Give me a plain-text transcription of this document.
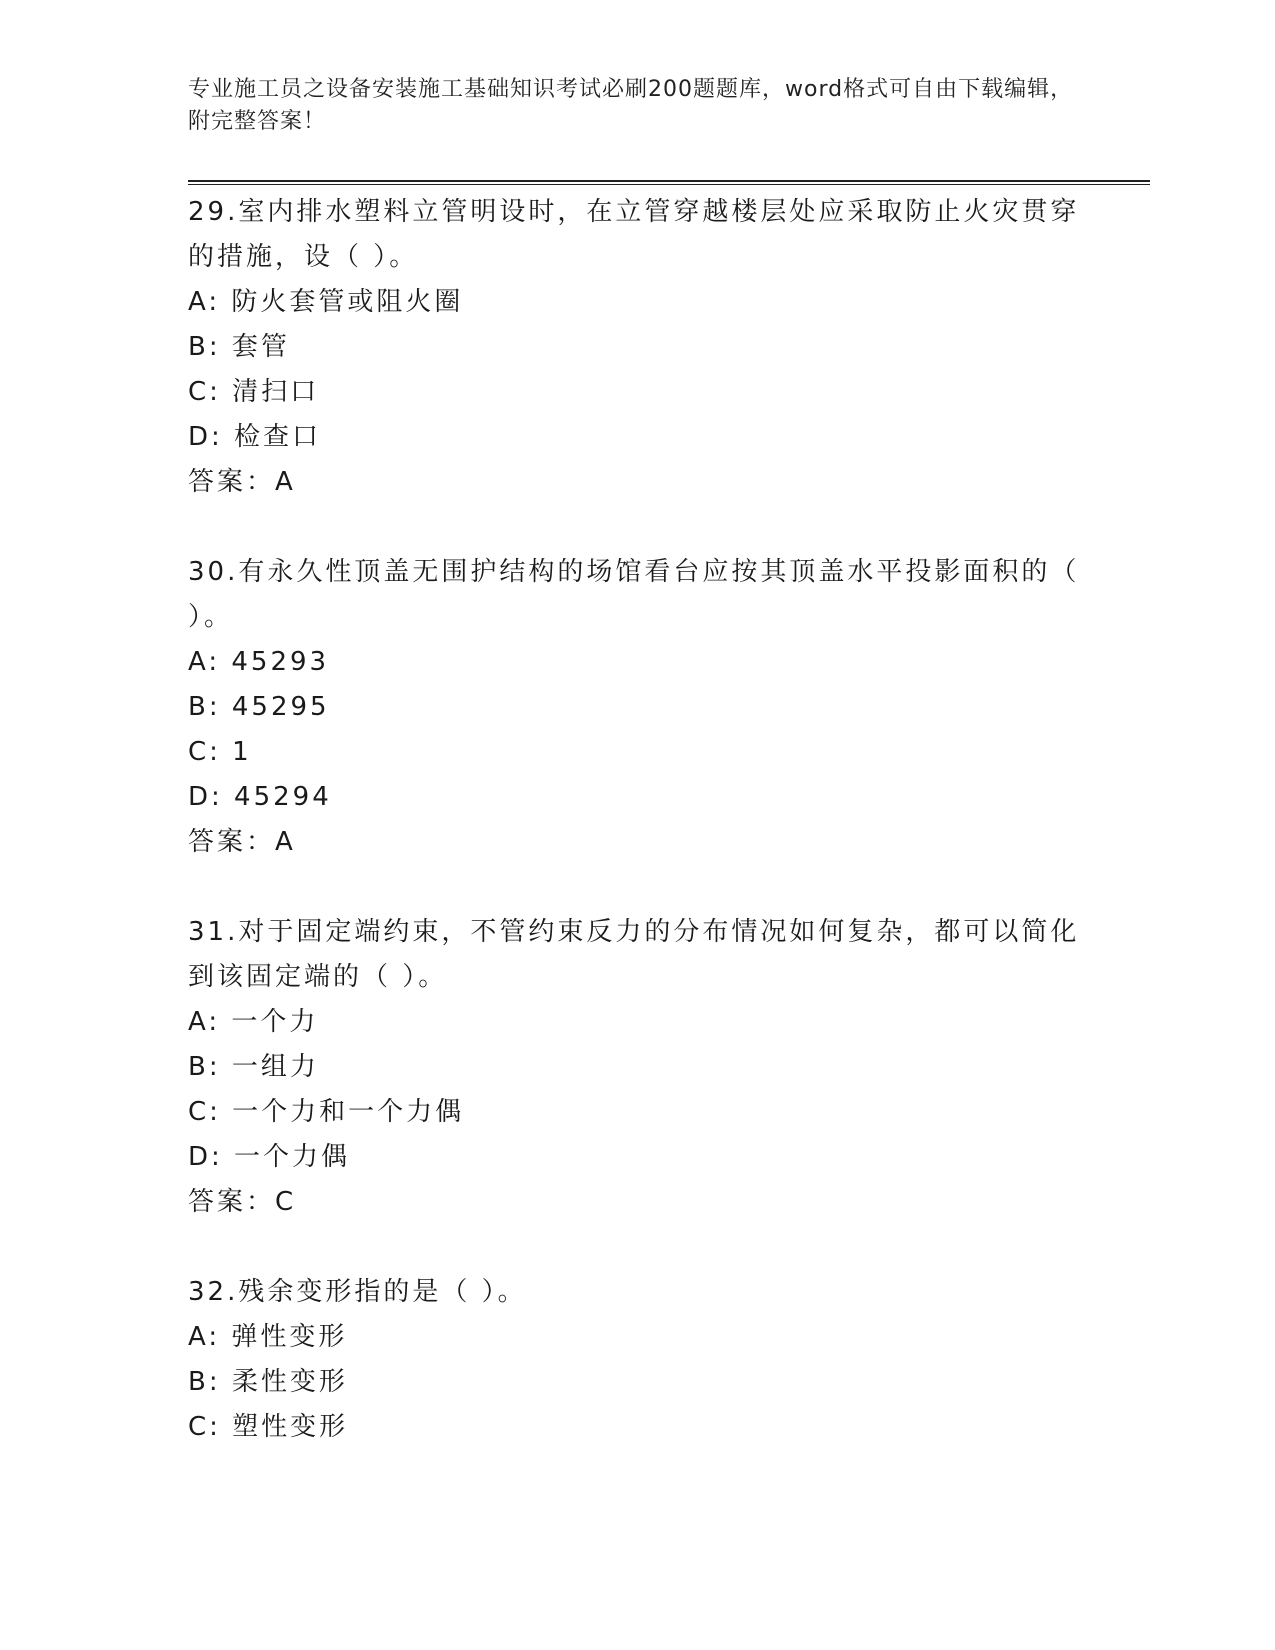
专业施工员之设备安装施工基础知识考试必刷200题题库，word格式可自由下载编辑，附完整答案！

29.室内排水塑料立管明设时，在立管穿越楼层处应采取防止火灾贯穿的措施，设（ ）。

A: 防火套管或阻火圈

B: 套管

C: 清扫口

D: 检查口

答案：A

30.有永久性顶盖无围护结构的场馆看台应按其顶盖水平投影面积的（ ）。

A: 45293

B: 45295

C: 1

D: 45294

答案：A

31.对于固定端约束，不管约束反力的分布情况如何复杂，都可以简化到该固定端的（ ）。

A: 一个力

B: 一组力

C: 一个力和一个力偶

D: 一个力偶

答案：C

32.残余变形指的是（ ）。

A: 弹性变形

B: 柔性变形

C: 塑性变形
